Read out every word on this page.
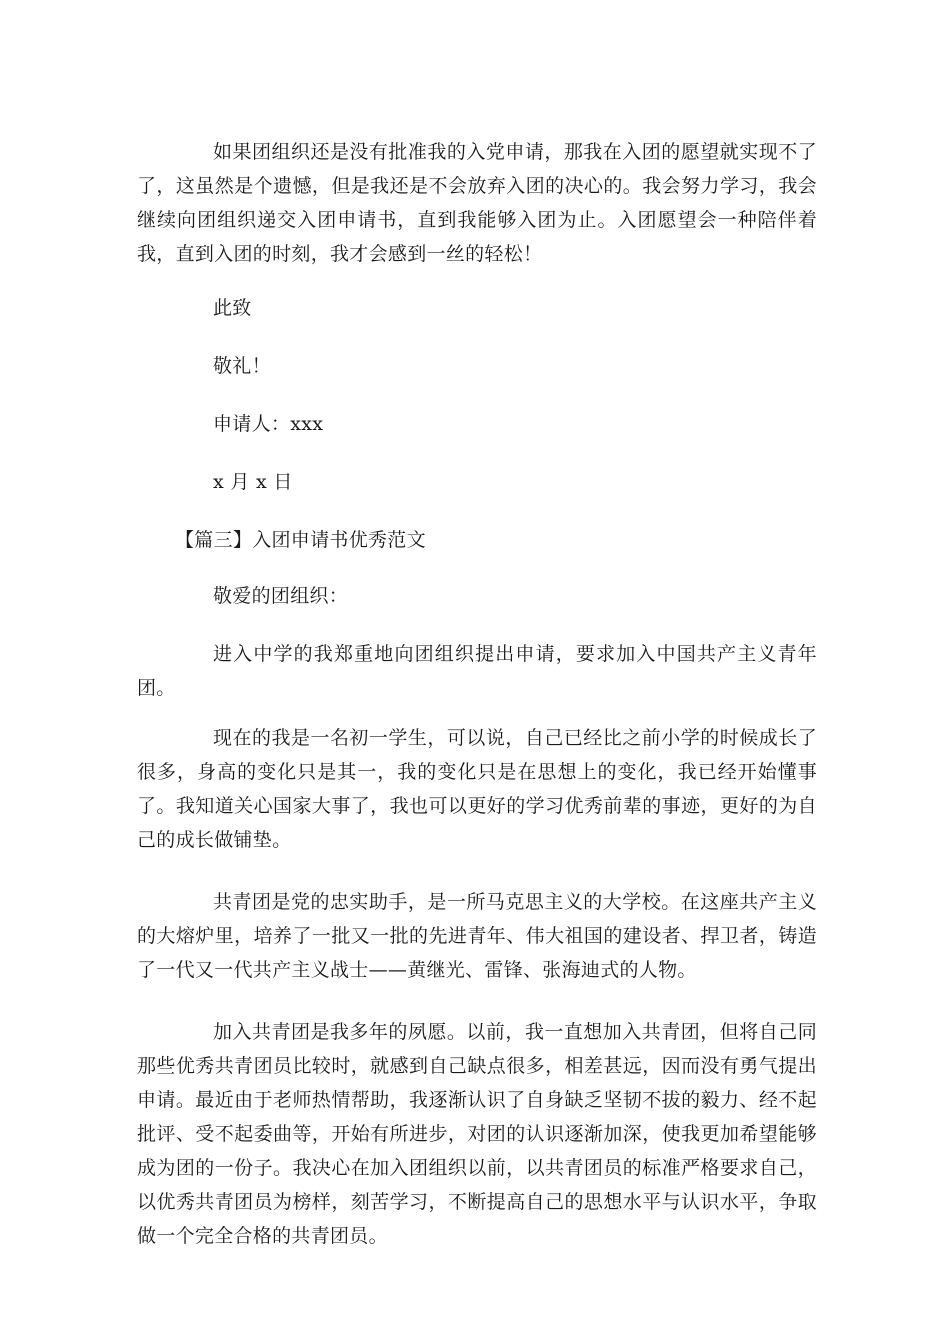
如果团组织还是没有批准我的入党申请，那我在入团的愿望就实现不了了，这虽然是个遗憾，但是我还是不会放弃入团的决心的。我会努力学习，我会继续向团组织递交入团申请书，直到我能够入团为止。入团愿望会一种陪伴着我，直到入团的时刻，我才会感到一丝的轻松！

此致

敬礼！

申请人：xxx

x 月 x 日

【篇三】入团申请书优秀范文

敬爱的团组织：

进入中学的我郑重地向团组织提出申请，要求加入中国共产主义青年团。

现在的我是一名初一学生，可以说，自己已经比之前小学的时候成长了很多，身高的变化只是其一，我的变化只是在思想上的变化，我已经开始懂事了。我知道关心国家大事了，我也可以更好的学习优秀前辈的事迹，更好的为自己的成长做铺垫。

共青团是党的忠实助手，是一所马克思主义的大学校。在这座共产主义的大熔炉里，培养了一批又一批的先进青年、伟大祖国的建设者、捍卫者，铸造了一代又一代共产主义战士——黄继光、雷锋、张海迪式的人物。

加入共青团是我多年的夙愿。以前，我一直想加入共青团，但将自己同那些优秀共青团员比较时，就感到自己缺点很多，相差甚远，因而没有勇气提出申请。最近由于老师热情帮助，我逐渐认识了自身缺乏坚韧不拔的毅力、经不起批评、受不起委曲等，开始有所进步，对团的认识逐渐加深，使我更加希望能够成为团的一份子。我决心在加入团组织以前，以共青团员的标准严格要求自己，以优秀共青团员为榜样，刻苦学习，不断提高自己的思想水平与认识水平，争取做一个完全合格的共青团员。
